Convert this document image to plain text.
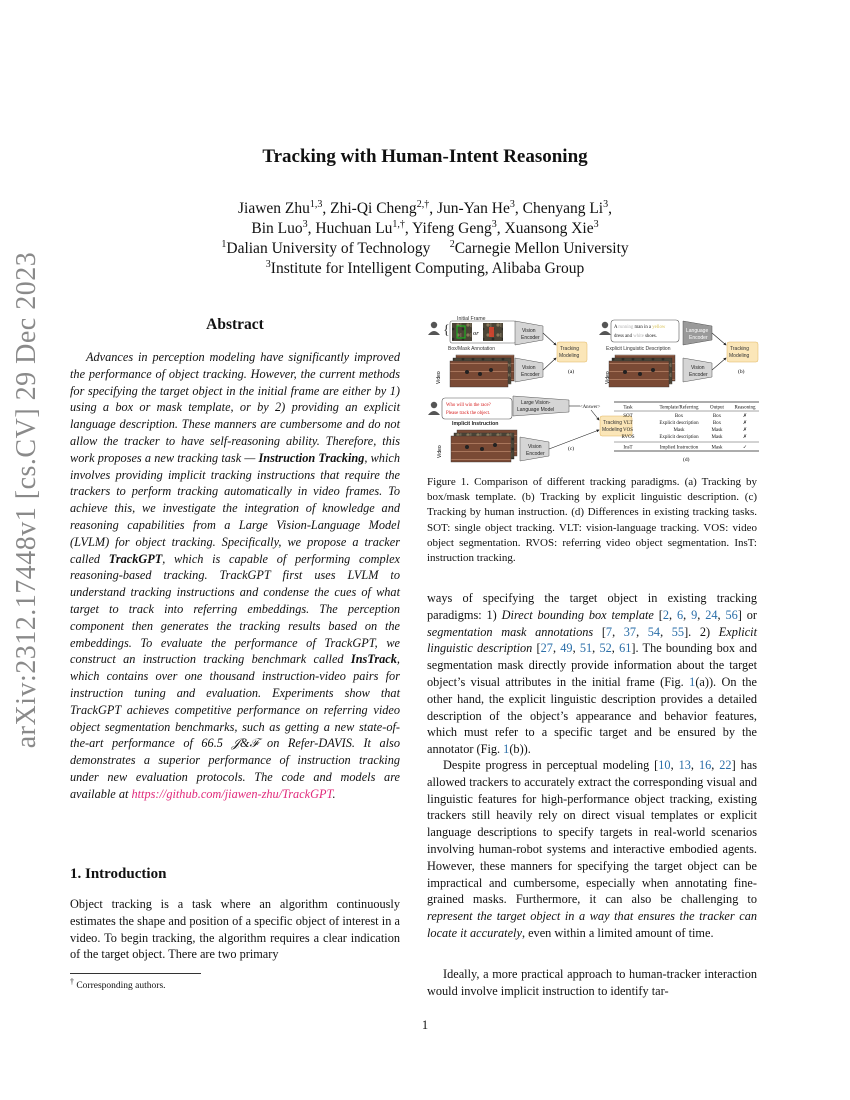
arXiv:2312.17448v1 [cs.CV] 29 Dec 2023
Tracking with Human-Intent Reasoning
Jiawen Zhu$^{1,3}$, Zhi-Qi Cheng$^{2,\dagger}$, Jun-Yan He$^3$, Chenyang Li$^3$,
Bin Luo$^3$, Huchuan $Lu^{1,\dagger}$, Yifeng Geng$^3$, Xuansong Xie$^3$
$^1$Dalian University of Technology $^2$Carnegie Mellon University
$^3$Institute for Intelligent Computing, Alibaba Group
Abstract
Advances in perception modeling have significantly improved the performance of object tracking. However, the current methods for specifying the target object in the initial frame are either by 1) using a box or mask template, or by 2) providing an explicit language description. These manners are cumbersome and do not allow the tracker to have self-reasoning ability. Therefore, this work proposes a new tracking task — Instruction Tracking, which involves providing implicit tracking instructions that require the trackers to perform tracking automatically in video frames. To achieve this, we investigate the integration of knowledge and reasoning capabilities from a Large Vision-Language Model (LVLM) for object tracking. Specifically, we propose a tracker called TrackGPT, which is capable of performing complex reasoning-based tracking. TrackGPT first uses LVLM to understand tracking instructions and condense the cues of what target to track into referring embeddings. The perception component then generates the tracking results based on the embeddings. To evaluate the performance of TrackGPT, we construct an instruction tracking benchmark called InsTrack, which contains over one thousand instruction-video pairs for instruction tuning and evaluation. Experiments show that TrackGPT achieves competitive performance on referring video object segmentation benchmarks, such as getting a new state-of-the-art performance of 66.5 𝒥&ℱ on Refer-DAVIS. It also demonstrates a superior performance of instruction tracking under new evaluation protocols. The code and models are available at https://github.com/jiawen-zhu/TrackGPT.
1. Introduction
Object tracking is a task where an algorithm continuously estimates the shape and position of a specific object of interest in a video. To begin tracking, the algorithm requires a clear indication of the target object. There are two primary
† Corresponding authors.
1
{
Initial Frame
or
Box/Mask Annotation
Video
Vision
Encoder
Vision
Encoder
Tracking
Modeling
(a)
A running man in a yellow
dress and white shoes.
Explicit Linguistic Description
Video
Language
Encoder
Vision
Encoder
Tracking
Modeling
(b)
Who will win the race?
Please track the object.
Implicit Instruction
Video
Large Vision-
Language Model	<Answer>
Vision
Encoder
Tracking
Modeling
(c)
Task	Template/Referring Output Reasoning
SOT	Box	Box	✗
VLT	Explicit description	Box	✗
VOS	Mask	Mask	✗
RVOS	Explicit description	Mask	✗
InsT	Implied Instruction	Mask	✓
(d)
Figure 1. Comparison of different tracking paradigms. (a) Tracking by box/mask template. (b) Tracking by explicit linguistic description. (c) Tracking by human instruction. (d) Differences in existing tracking tasks. SOT: single object tracking. VLT: vision-language tracking. VOS: video object segmentation. RVOS: referring video object segmentation. InsT: instruction tracking.
ways of specifying the target object in existing tracking paradigms: 1) Direct bounding box template [2, 6, 9, 24, 56] or segmentation mask annotations [7, 37, 54, 55]. 2) Explicit linguistic description [27, 49, 51, 52, 61]. The bounding box and segmentation mask directly provide information about the target object’s visual attributes in the initial frame (Fig. 1(a)). On the other hand, the explicit linguistic description provides a detailed description of the object’s appearance and behavior features, which must refer to a specific target and be ensured by the annotator (Fig. 1(b)).
Despite progress in perceptual modeling [10, 13, 16, 22] has allowed trackers to accurately extract the corresponding visual and linguistic features for high-performance object tracking, existing trackers still heavily rely on direct visual templates or explicit language descriptions to specify targets in real-world scenarios involving human-robot systems and interactive embodied agents. However, these manners for specifying the target object can be impractical and cumbersome, especially when annotating fine-grained masks. Furthermore, it can also be challenging to represent the target object in a way that ensures the tracker can locate it accurately, even within a limited amount of time.
Ideally, a more practical approach to human-tracker interaction would involve implicit instruction to identify tar-
